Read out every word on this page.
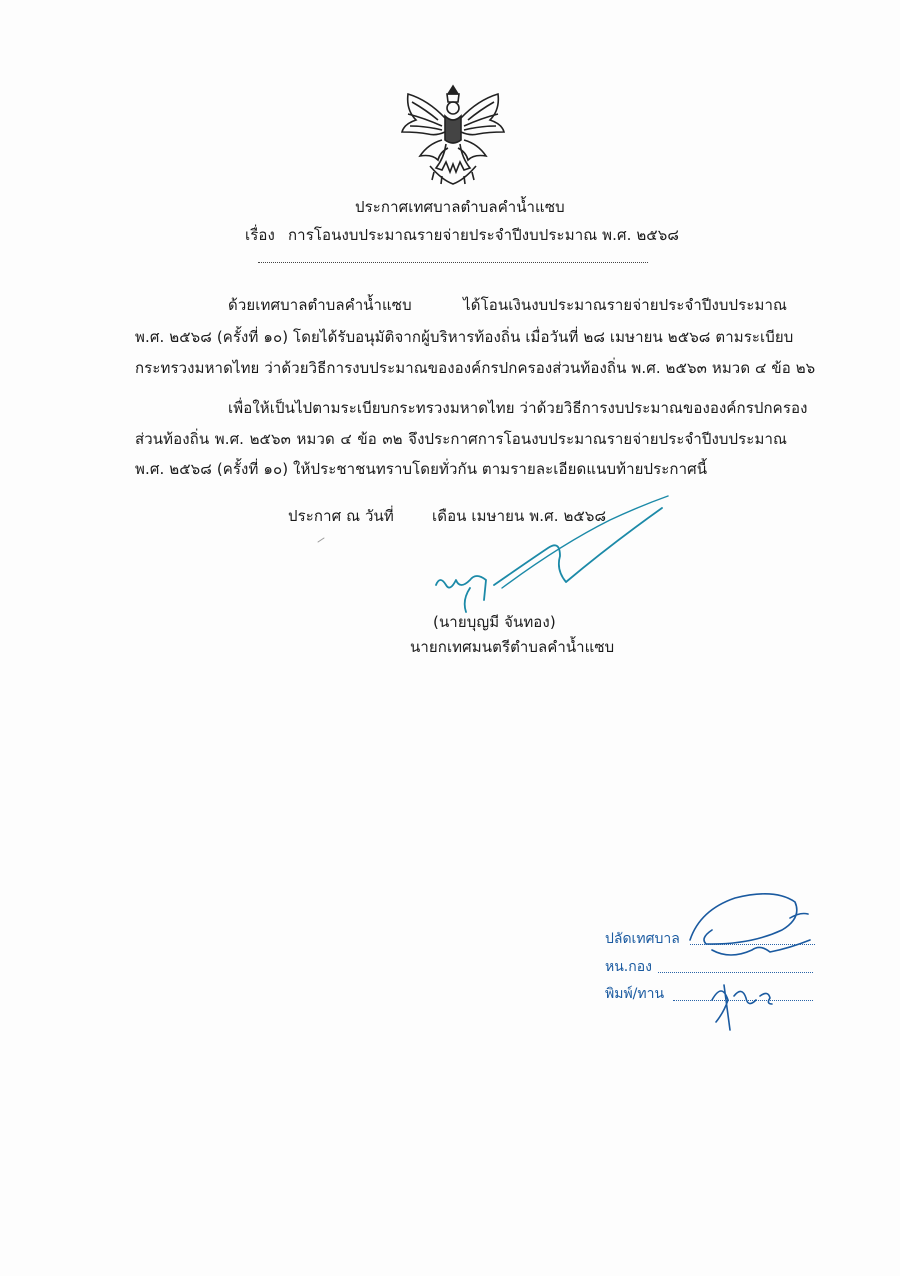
ประกาศเทศบาลตำบลคำน้ำแซบ
เรื่อง การโอนงบประมาณรายจ่ายประจำปีงบประมาณ พ.ศ. ๒๕๖๘
ด้วยเทศบาลตำบลคำน้ำแซบ ได้โอนเงินงบประมาณรายจ่ายประจำปีงบประมาณ
พ.ศ. ๒๕๖๘ (ครั้งที่ ๑๐) โดยได้รับอนุมัติจากผู้บริหารท้องถิ่น เมื่อวันที่ ๒๘ เมษายน ๒๕๖๘ ตามระเบียบ
กระทรวงมหาดไทย ว่าด้วยวิธีการงบประมาณขององค์กรปกครองส่วนท้องถิ่น พ.ศ. ๒๕๖๓ หมวด ๔ ข้อ ๒๖
เพื่อให้เป็นไปตามระเบียบกระทรวงมหาดไทย ว่าด้วยวิธีการงบประมาณขององค์กรปกครอง
ส่วนท้องถิ่น พ.ศ. ๒๕๖๓ หมวด ๔ ข้อ ๓๒ จึงประกาศการโอนงบประมาณรายจ่ายประจำปีงบประมาณ
พ.ศ. ๒๕๖๘ (ครั้งที่ ๑๐) ให้ประชาชนทราบโดยทั่วกัน ตามรายละเอียดแนบท้ายประกาศนี้
ประกาศ ณ วันที่	เดือน เมษายน พ.ศ. ๒๕๖๘
(นายบุญมี จันทอง)
นายกเทศมนตรีตำบลคำน้ำแซบ
ปลัดเทศบาล
หน.กอง
พิมพ์/ทาน
